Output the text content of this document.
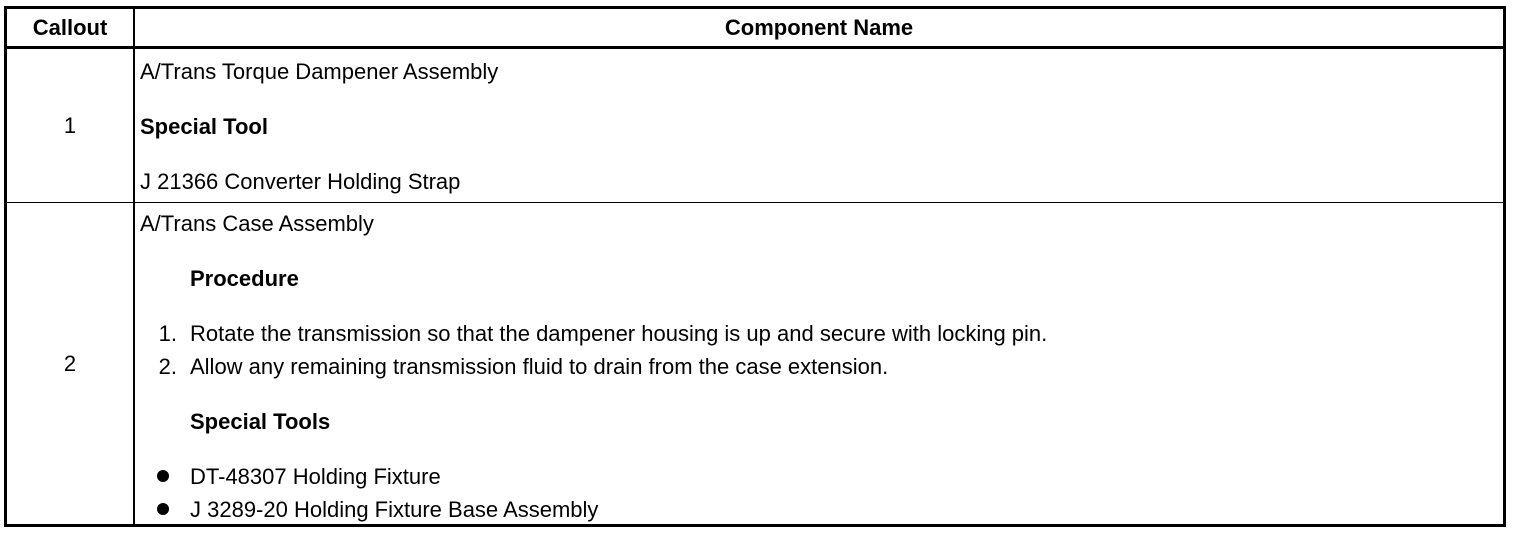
Callout	Component Name
1
A/Trans Torque Dampener Assembly
Special Tool
J 21366 Converter Holding Strap
2
A/Trans Case Assembly
Procedure
1. Rotate the transmission so that the dampener housing is up and secure with locking pin.
2. Allow any remaining transmission fluid to drain from the case extension.
Special Tools
DT-48307 Holding Fixture
J 3289-20 Holding Fixture Base Assembly
